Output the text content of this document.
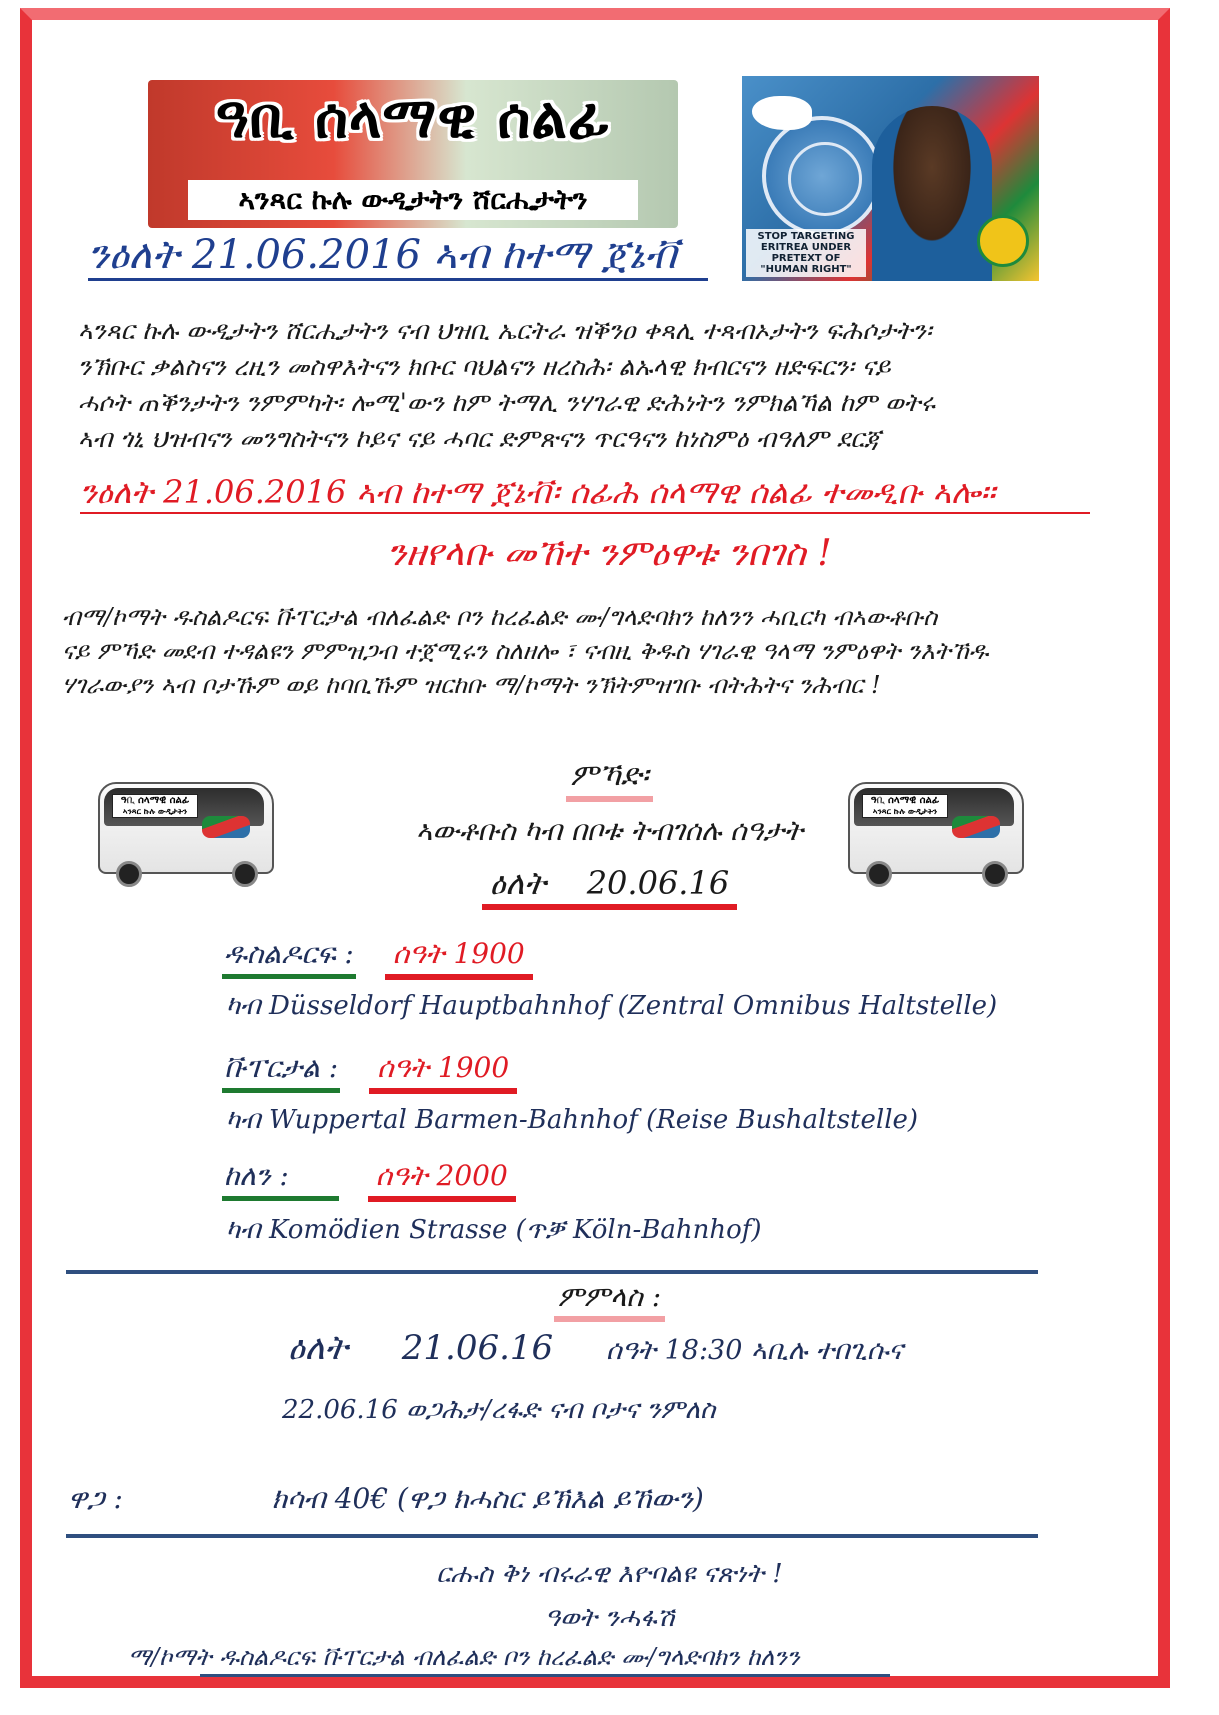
ዓቢ ሰላማዊ ሰልፊ
ኣንጻር ኩሉ ውዲታትን ሸርሒታትን
STOP TARGETING
ERITREA UNDER
PRETEXT OF
"HUMAN RIGHT"
ንዕለት 21.06.2016 ኣብ ከተማ ጀኔቭ
ኣንጻር ኩሉ ውዲታትን ሸርሒታትን ናብ ህዝቢ ኤርትራ ዝቕንዐ ቀጻሊ ተጻብኦታትን ፍሕሶታትን፡
ንኽቡር ቃልስናን ረዚን መስዋእትናን ክቡር ባህልናን ዘረስሕ፡ ልኡላዊ ክብርናን ዘድፍርን፡ ናይ
ሓሶት ጠቕንታትን ንምምካት፡ ሎሚ'ውን ከም ትማሊ ንሃገራዊ ድሕነትን ንምክልኻል ከም ወትሩ
ኣብ ጎኒ ህዝብናን መንግስትናን ኮይና ናይ ሓባር ድምጽናን ጥርዓናን ከነስምዕ ብዓለም ደርጃ
ንዕለት 21.06.2016 ኣብ ከተማ ጀኔቭ፡ ሰፊሕ ሰላማዊ ሰልፊ ተመዲቡ ኣሎ።
ንዘየላቡ መኸተ ንምዕዋቱ ንበገስ !
ብማ/ኮማት ዱስልዶርፍ ቩፐርታል ብለፈልድ ቦን ከረፈልድ ሙ/ግላድባክን ከለንን ሓቢርካ ብኣውቶቡስ
ናይ ምኻድ መደብ ተዳልዩን ምምዝጋብ ተጀሚሩን ስለዘሎ ፣ ናብዚ ቅዱስ ሃገራዊ ዓላማ ንምዕዋት ንእትኸዱ
ሃገራውያን ኣብ ቦታኹም ወይ ከባቢኹም ዝርከቡ ማ/ኮማት ንኽትምዝገቡ ብትሕትና ንሕብር !
ዓቢ ሰላማዊ ሰልፊ
ኣንጻር ኩሉ ውዲታትን
ዓቢ ሰላማዊ ሰልፊ
ኣንጻር ኩሉ ውዲታትን
ምኻድ፡
ኣውቶቡስ ካብ በቦቱ ትብገሰሉ ሰዓታት
ዕለት 20.06.16
ዱስልዶርፍ : ሰዓት 1900
ካብ Düsseldorf Hauptbahnhof (Zentral Omnibus Haltstelle)
ቩፐርታል : ሰዓት 1900
ካብ Wuppertal Barmen-Bahnhof (Reise Bushaltstelle)
ከለን :	ሰዓት 2000
ካብ Komödien Strasse (ጥቓ Köln-Bahnhof)
ምምላስ :
ዕለት 21.06.16 ሰዓት 18:30 ኣቢሉ ተበጊሱና
22.06.16 ወጋሕታ/ረፋድ ናብ ቦታና ንምለስ
ዋጋ :	ክሳብ 40€ (ዋጋ ክሓስር ይኽእል ይኸውን)
ርሑስ ቅነ ብሩራዊ እዮባልዩ ናጽነት !
ዓወት ንሓፋሽ
ማ/ኮማት ዱስልዶርፍ ቩፐርታል ብለፈልድ ቦን ከረፈልድ ሙ/ግላድባክን ከለንን
